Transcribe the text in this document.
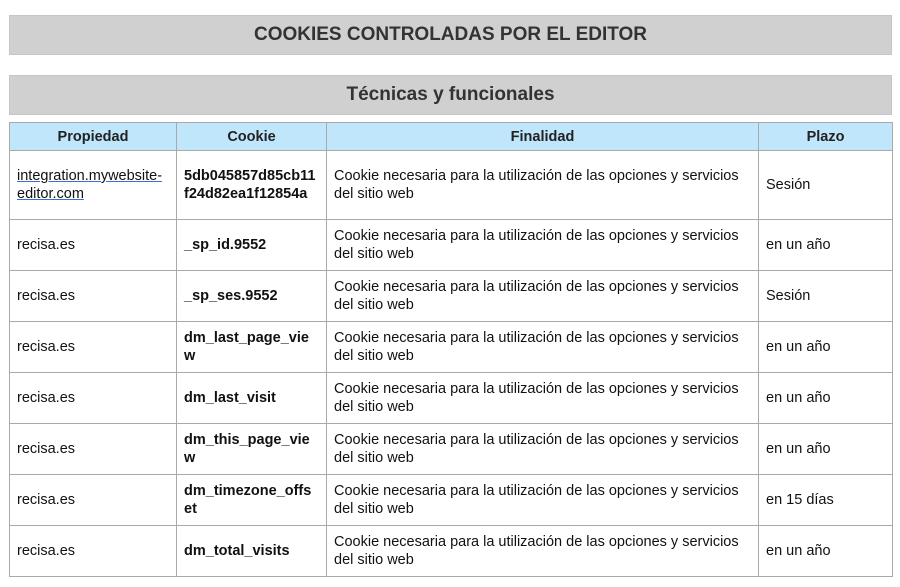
COOKIES CONTROLADAS POR EL EDITOR
Técnicas y funcionales
Propiedad	Cookie	Finalidad	Plazo
integration.mywebsite-editor.com	5db045857d85cb11f24d82ea1f12854a	Cookie necesaria para la utilización de las opciones y servicios del sitio web	Sesión
recisa.es	_sp_id.9552	Cookie necesaria para la utilización de las opciones y servicios del sitio web	en un año
recisa.es	_sp_ses.9552	Cookie necesaria para la utilización de las opciones y servicios del sitio web	Sesión
recisa.es	dm_last_page_view	Cookie necesaria para la utilización de las opciones y servicios del sitio web	en un año
recisa.es	dm_last_visit	Cookie necesaria para la utilización de las opciones y servicios del sitio web	en un año
recisa.es	dm_this_page_view	Cookie necesaria para la utilización de las opciones y servicios del sitio web	en un año
recisa.es	dm_timezone_offset	Cookie necesaria para la utilización de las opciones y servicios del sitio web	en 15 días
recisa.es	dm_total_visits	Cookie necesaria para la utilización de las opciones y servicios del sitio web	en un año
